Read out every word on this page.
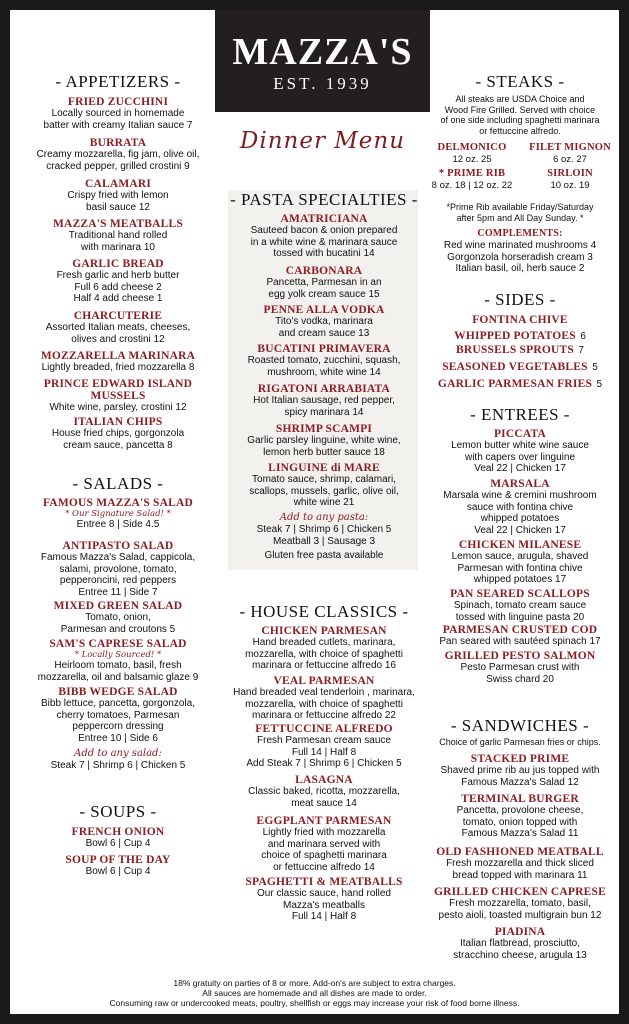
MAZZA'S
EST. 1939
Dinner Menu
- APPETIZERS -
FRIED ZUCCHINI
Locally sourced in homemade
batter with creamy Italian sauce 7
BURRATA
Creamy mozzarella, fig jam, olive oil,
cracked pepper, grilled crostini 9
CALAMARI
Crispy fried with lemon
basil sauce 12
MAZZA'S MEATBALLS
Traditional hand rolled
with marinara 10
GARLIC BREAD
Fresh garlic and herb butter
Full 6 add cheese 2
Half 4 add cheese 1
CHARCUTERIE
Assorted Italian meats, cheeses,
olives and crostini 12
MOZZARELLA MARINARA
Lightly breaded, fried mozzarella 8
PRINCE EDWARD ISLAND
MUSSELS
White wine, parsley, crostini 12
ITALIAN CHIPS
House fried chips, gorgonzola
cream sauce, pancetta 8
- SALADS -
FAMOUS MAZZA'S SALAD
* Our Signature Salad! *
Entree 8 | Side 4.5
ANTIPASTO SALAD
Famous Mazza's Salad, cappicola,
salami, provolone, tomato,
pepperoncini, red peppers
Entree 11 | Side 7
MIXED GREEN SALAD
Tomato, onion,
Parmesan and croutons 5
SAM'S CAPRESE SALAD
* Locally Sourced! *
Heirloom tomato, basil, fresh
mozzarella, oil and balsamic glaze 9
BIBB WEDGE SALAD
Bibb lettuce, pancetta, gorgonzola,
cherry tomatoes, Parmesan
peppercorn dressing
Entree 10 | Side 6
Add to any salad:
Steak 7 | Shrimp 6 | Chicken 5
- SOUPS -
FRENCH ONION
Bowl 6 | Cup 4
SOUP OF THE DAY
Bowl 6 | Cup 4
- PASTA SPECIALTIES -
AMATRICIANA
Sauteed bacon & onion prepared
in a white wine & marinara sauce
tossed with bucatini 14
CARBONARA
Pancetta, Parmesan in an
egg yolk cream sauce 15
PENNE ALLA VODKA
Tito's vodka, marinara
and cream sauce 13
BUCATINI PRIMAVERA
Roasted tomato, zucchini, squash,
mushroom, white wine 14
RIGATONI ARRABIATA
Hot Italian sausage, red pepper,
spicy marinara 14
SHRIMP SCAMPI
Garlic parsley linguine, white wine,
lemon herb butter sauce 18
LINGUINE di MARE
Tomato sauce, shrimp, calamari,
scallops, mussels, garlic, olive oil,
white wine 21
Add to any pasta:
Steak 7 | Shrimp 6 | Chicken 5
Meatball 3 | Sausage 3
Gluten free pasta available
- HOUSE CLASSICS -
CHICKEN PARMESAN
Hand breaded cutlets, marinara,
mozzarella, with choice of spaghetti
marinara or fettuccine alfredo 16
VEAL PARMESAN
Hand breaded veal tenderloin , marinara,
mozzarella, with choice of spaghetti
marinara or fettuccine alfredo 22
FETTUCCINE ALFREDO
Fresh Parmesan cream sauce
Full 14 | Half 8
Add Steak 7 | Shrimp 6 | Chicken 5
LASAGNA
Classic baked, ricotta, mozzarella,
meat sauce 14
EGGPLANT PARMESAN
Lightly fried with mozzarella
and marinara served with
choice of spaghetti marinara
or fettuccine alfredo 14
SPAGHETTI & MEATBALLS
Our classic sauce, hand rolled
Mazza's meatballs
Full 14 | Half 8
- STEAKS -
All steaks are USDA Choice and
Wood Fire Grilled. Served with choice
of one side including spaghetti marinara
or fettuccine alfredo.
DELMONICO
12 oz. 25
FILET MIGNON
6 oz. 27
* PRIME RIB
8 oz. 18 | 12 oz. 22
SIRLOIN
10 oz. 19
*Prime Rib available Friday/Saturday
after 5pm and All Day Sunday. *
COMPLEMENTS:
Red wine marinated mushrooms 4
Gorgonzola horseradish cream 3
Italian basil, oil, herb sauce 2
- SIDES -
FONTINA CHIVE
WHIPPED POTATOES 6
BRUSSELS SPROUTS 7
SEASONED VEGETABLES 5
GARLIC PARMESAN FRIES 5
- ENTREES -
PICCATA
Lemon butter white wine sauce
with capers over linguine
Veal 22 | Chicken 17
MARSALA
Marsala wine & cremini mushroom
sauce with fontina chive
whipped potatoes
Veal 22 | Chicken 17
CHICKEN MILANESE
Lemon sauce, arugula, shaved
Parmesan with fontina chive
whipped potatoes 17
PAN SEARED SCALLOPS
Spinach, tomato cream sauce
tossed with linguine pasta 20
PARMESAN CRUSTED COD
Pan seared with sautéed spinach 17
GRILLED PESTO SALMON
Pesto Parmesan crust with
Swiss chard 20
- SANDWICHES -
Choice of garlic Parmesan fries or chips.
STACKED PRIME
Shaved prime rib au jus topped with
Famous Mazza's Salad 12
TERMINAL BURGER
Pancetta, provolone cheese,
tomato, onion topped with
Famous Mazza's Salad 11
OLD FASHIONED MEATBALL
Fresh mozzarella and thick sliced
bread topped with marinara 11
GRILLED CHICKEN CAPRESE
Fresh mozzarella, tomato, basil,
pesto aioli, toasted multigrain bun 12
PIADINA
Italian flatbread, prosciutto,
stracchino cheese, arugula 13
18% gratuity on parties of 8 or more. Add-on's are subject to extra charges.
All sauces are homemade and all dishes are made to order.
Consuming raw or undercooked meats, poultry, shellfish or eggs may increase your risk of food borne illness.
